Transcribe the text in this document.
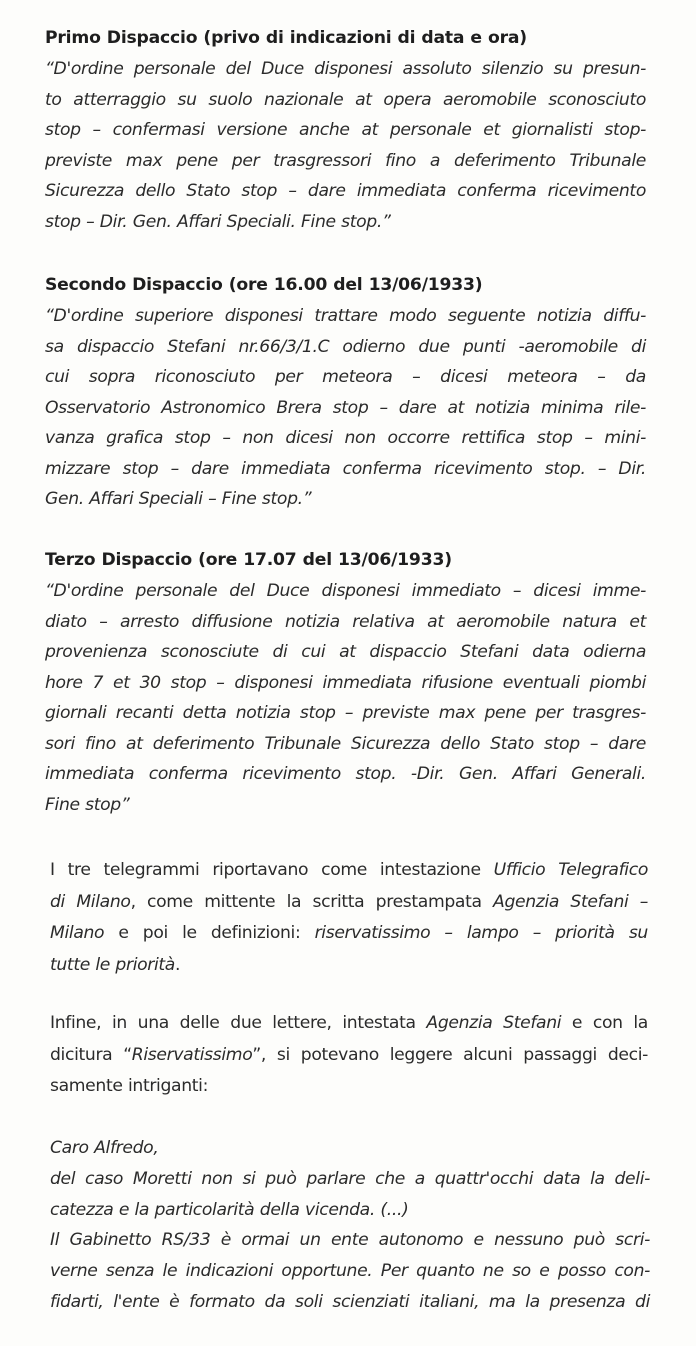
Primo Dispaccio (privo di indicazioni di data e ora)
“D'ordine personale del Duce disponesi assoluto silenzio su presun-
to atterraggio su suolo nazionale at opera aeromobile sconosciuto
stop – confermasi versione anche at personale et giornalisti stop-
previste max pene per trasgressori fino a deferimento Tribunale
Sicurezza dello Stato stop – dare immediata conferma ricevimento
stop – Dir. Gen. Affari Speciali. Fine stop.”
Secondo Dispaccio (ore 16.00 del 13/06/1933)
“D'ordine superiore disponesi trattare modo seguente notizia diffu-
sa dispaccio Stefani nr.66/3/1.C odierno due punti -aeromobile di
cui sopra riconosciuto per meteora – dicesi meteora – da
Osservatorio Astronomico Brera stop – dare at notizia minima rile-
vanza grafica stop – non dicesi non occorre rettifica stop – mini-
mizzare stop – dare immediata conferma ricevimento stop. – Dir.
Gen. Affari Speciali – Fine stop.”
Terzo Dispaccio (ore 17.07 del 13/06/1933)
“D'ordine personale del Duce disponesi immediato – dicesi imme-
diato – arresto diffusione notizia relativa at aeromobile natura et
provenienza sconosciute di cui at dispaccio Stefani data odierna
hore 7 et 30 stop – disponesi immediata rifusione eventuali piombi
giornali recanti detta notizia stop – previste max pene per trasgres-
sori fino at deferimento Tribunale Sicurezza dello Stato stop – dare
immediata conferma ricevimento stop. -Dir. Gen. Affari Generali.
Fine stop”
I tre telegrammi riportavano come intestazione Ufficio Telegrafico
di Milano, come mittente la scritta prestampata Agenzia Stefani –
Milano e poi le definizioni: riservatissimo – lampo – priorità su
tutte le priorità.
Infine, in una delle due lettere, intestata Agenzia Stefani e con la
dicitura “Riservatissimo”, si potevano leggere alcuni passaggi deci-
samente intriganti:
Caro Alfredo,
del caso Moretti non si può parlare che a quattr'occhi data la deli-
catezza e la particolarità della vicenda. (...)
Il Gabinetto RS/33 è ormai un ente autonomo e nessuno può scri-
verne senza le indicazioni opportune. Per quanto ne so e posso con-
fidarti, l'ente è formato da soli scienziati italiani, ma la presenza di
